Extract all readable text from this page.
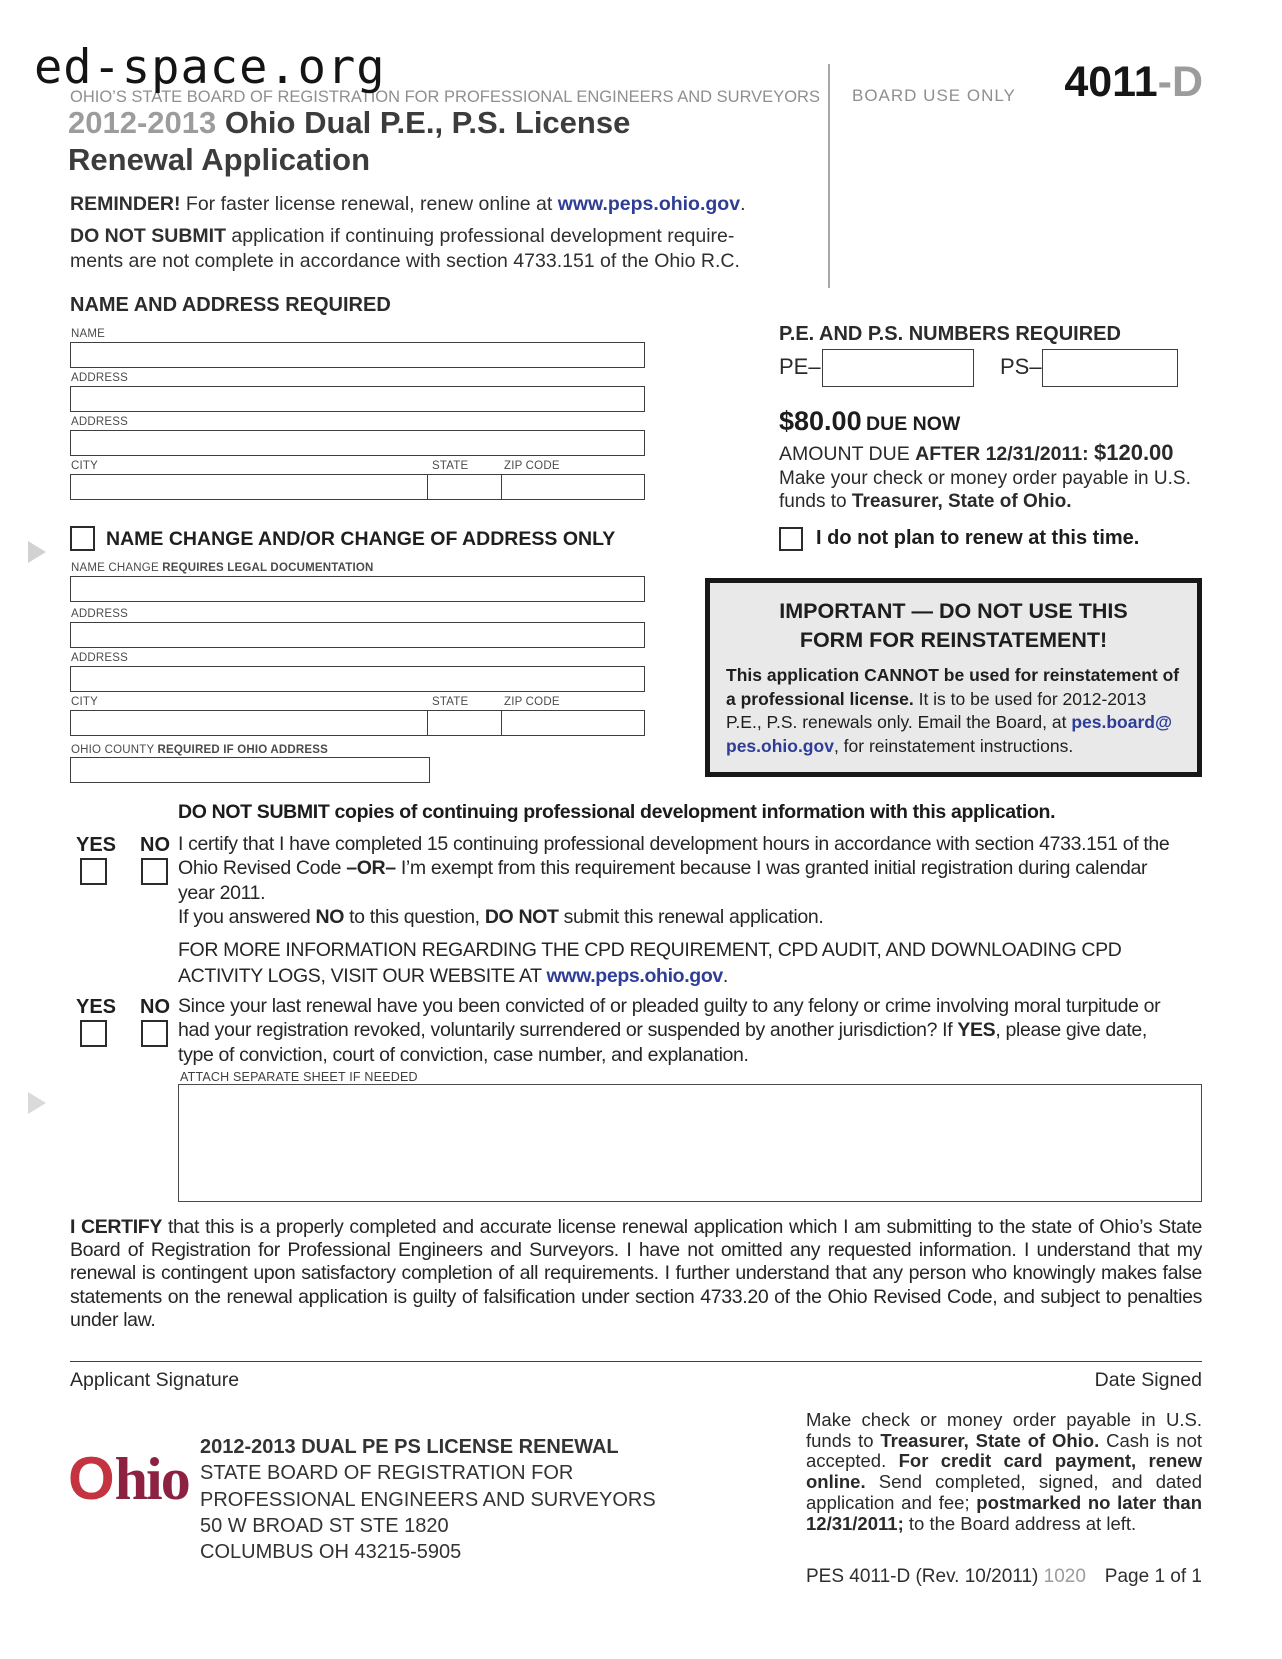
ed-space.org
OHIO’S STATE BOARD OF REGISTRATION FOR PROFESSIONAL ENGINEERS AND SURVEYORS BOARD USE ONLY	4011-D
2012-2013 Ohio Dual P.E., P.S. License
Renewal Application
REMINDER! For faster license renewal, renew online at www.peps.ohio.gov.
DO NOT SUBMIT application if continuing professional development require-
ments are not complete in accordance with section 4733.151 of the Ohio R.C.
NAME AND ADDRESS REQUIRED
NAME
ADDRESS
ADDRESS
CITY	STATE	ZIP CODE
NAME CHANGE AND/OR CHANGE OF ADDRESS ONLY
NAME CHANGE REQUIRES LEGAL DOCUMENTATION
ADDRESS
ADDRESS
CITY	STATE	ZIP CODE
OHIO COUNTY REQUIRED IF OHIO ADDRESS
P.E. AND P.S. NUMBERS REQUIRED
PE–	PS–
$80.00 DUE NOW
AMOUNT DUE AFTER 12/31/2011: $120.00
Make your check or money order payable in U.S.
funds to Treasurer, State of Ohio.
I do not plan to renew at this time.
IMPORTANT — DO NOT USE THIS
FORM FOR REINSTATEMENT!
This application CANNOT be used for reinstatement of a professional license. It is to be used for 2012-2013 P.E., P.S. renewals only. Email the Board, at pes.board@pes.ohio.gov, for reinstatement instructions.
DO NOT SUBMIT copies of continuing professional development information with this application.
YES NO I certify that I have completed 15 continuing professional development hours in accordance with section 4733.151 of the Ohio Revised Code –OR– I’m exempt from this requirement because I was granted initial registration during calendar year 2011.
If you answered NO to this question, DO NOT submit this renewal application.
FOR MORE INFORMATION REGARDING THE CPD REQUIREMENT, CPD AUDIT, AND DOWNLOADING CPD
ACTIVITY LOGS, VISIT OUR WEBSITE AT www.peps.ohio.gov.
YES NO Since your last renewal have you been convicted of or pleaded guilty to any felony or crime involving moral turpitude or had your registration revoked, voluntarily surrendered or suspended by another jurisdiction? If YES, please give date, type of conviction, court of conviction, case number, and explanation.
ATTACH SEPARATE SHEET IF NEEDED
I CERTIFY that this is a properly completed and accurate license renewal application which I am submitting to the state of Ohio’s State Board of Registration for Professional Engineers and Surveyors. I have not omitted any requested information. I understand that my renewal is contingent upon satisfactory completion of all requirements. I further understand that any person who knowingly makes false statements on the renewal application is guilty of falsification under section 4733.20 of the Ohio Revised Code, and subject to penalties under law.
Applicant Signature	Date Signed
Ohio 2012-2013 DUAL PE PS LICENSE RENEWAL
STATE BOARD OF REGISTRATION FOR
PROFESSIONAL ENGINEERS AND SURVEYORS
50 W BROAD ST STE 1820
COLUMBUS OH 43215-5905
Make check or money order payable in U.S. funds to Treasurer, State of Ohio. Cash is not accepted. For credit card payment, renew online. Send completed, signed, and dated application and fee; postmarked no later than 12/31/2011; to the Board address at left.
PES 4011-D (Rev. 10/2011) 1020 Page 1 of 1
